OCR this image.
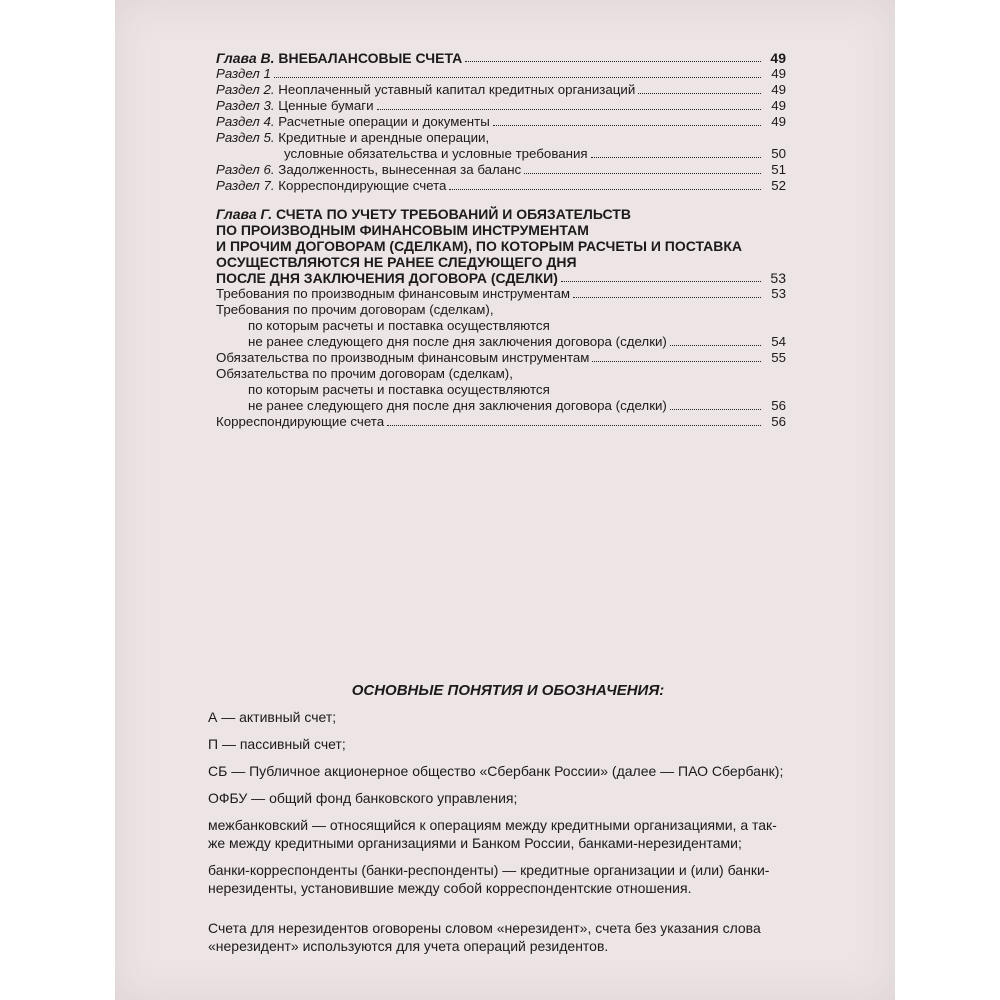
Глава В. ВНЕБАЛАНСОВЫЕ СЧЕТА	49
Раздел 1	49
Раздел 2. Неоплаченный уставный капитал кредитных организаций	49
Раздел 3. Ценные бумаги	49
Раздел 4. Расчетные операции и документы	49
Раздел 5. Кредитные и арендные операции,
условные обязательства и условные требования	50
Раздел 6. Задолженность, вынесенная за баланс	51
Раздел 7. Корреспондирующие счета	52
Глава Г. СЧЕТА ПО УЧЕТУ ТРЕБОВАНИЙ И ОБЯЗАТЕЛЬСТВ
ПО ПРОИЗВОДНЫМ ФИНАНСОВЫМ ИНСТРУМЕНТАМ
И ПРОЧИМ ДОГОВОРАМ (СДЕЛКАМ), ПО КОТОРЫМ РАСЧЕТЫ И ПОСТАВКА
ОСУЩЕСТВЛЯЮТСЯ НЕ РАНЕЕ СЛЕДУЮЩЕГО ДНЯ
ПОСЛЕ ДНЯ ЗАКЛЮЧЕНИЯ ДОГОВОРА (СДЕЛКИ)	53
Требования по производным финансовым инструментам	53
Требования по прочим договорам (сделкам),
по которым расчеты и поставка осуществляются
не ранее следующего дня после дня заключения договора (сделки)	54
Обязательства по производным финансовым инструментам	55
Обязательства по прочим договорам (сделкам),
по которым расчеты и поставка осуществляются
не ранее следующего дня после дня заключения договора (сделки)	56
Корреспондирующие счета	56
ОСНОВНЫЕ ПОНЯТИЯ И ОБОЗНАЧЕНИЯ:

А — активный счет;

П — пассивный счет;

СБ — Публичное акционерное общество «Сбербанк России» (далее — ПАО Сбербанк);

ОФБУ — общий фонд банковского управления;

межбанковский — относящийся к операциям между кредитными организациями, а так-

же между кредитными организациями и Банком России, банками-нерезидентами;

банки-корреспонденты (банки-респонденты) — кредитные организации и (или) банки-

нерезиденты, установившие между собой корреспондентские отношения.

Счета для нерезидентов оговорены словом «нерезидент», счета без указания слова

«нерезидент» используются для учета операций резидентов.
